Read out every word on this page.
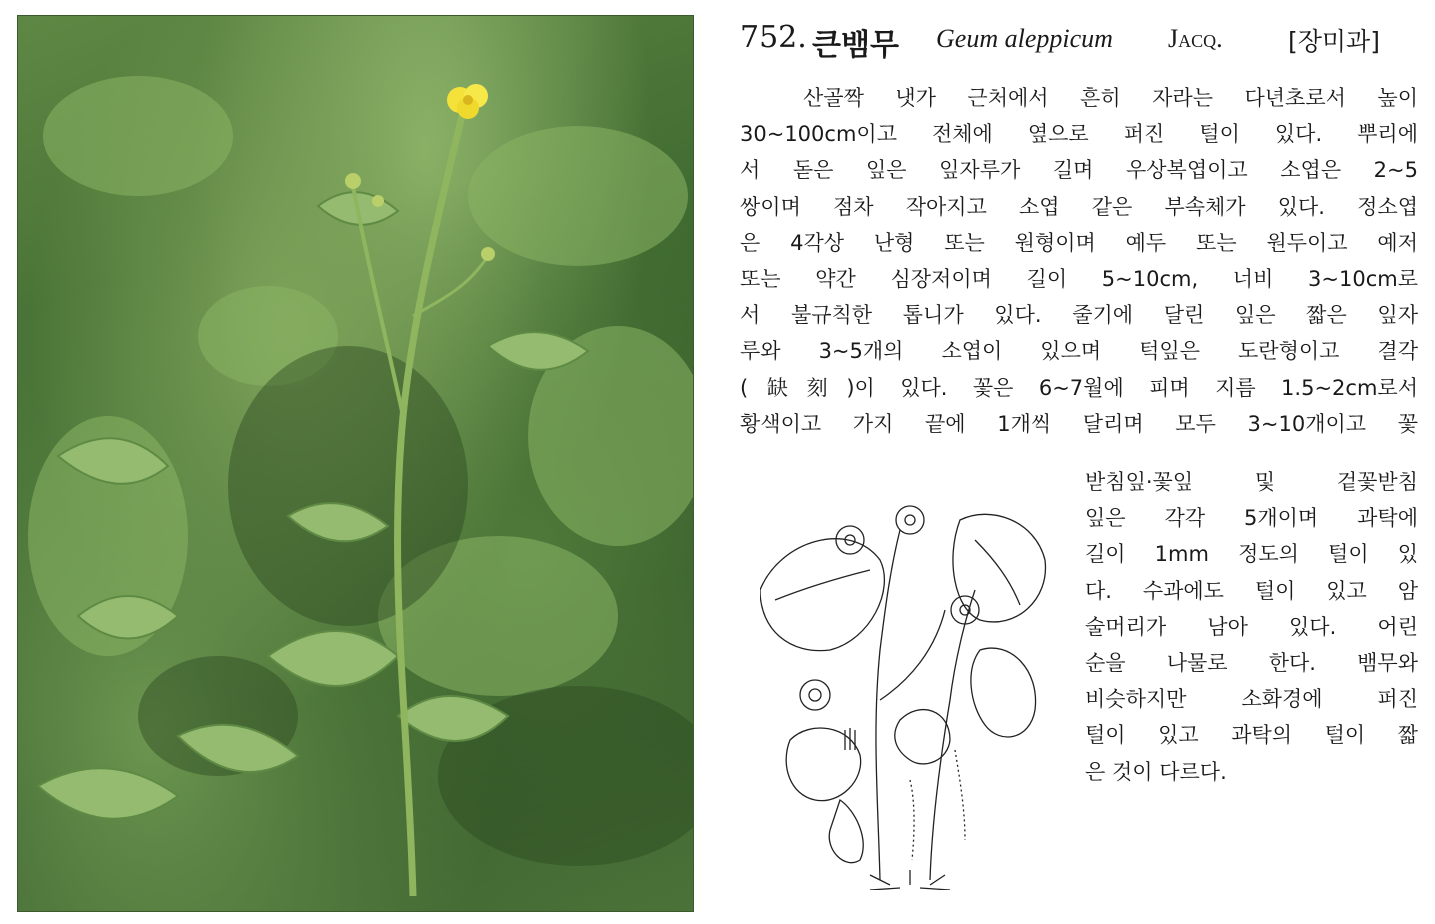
752. 큰뱀무 Geum aleppicum Jacq.	[장미과]
산골짝 냇가 근처에서 흔히 자라는 다년초로서 높이
30~100cm이고 전체에 옆으로 퍼진 털이 있다. 뿌리에
서 돋은 잎은 잎자루가 길며 우상복엽이고 소엽은 2~5
쌍이며 점차 작아지고 소엽 같은 부속체가 있다. 정소엽
은 4각상 난형 또는 원형이며 예두 또는 원두이고 예저
또는 약간 심장저이며 길이 5~10cm, 너비 3~10cm로
서 불규칙한 톱니가 있다. 줄기에 달린 잎은 짧은 잎자
루와 3~5개의 소엽이 있으며 턱잎은 도란형이고 결각
(缺刻)이 있다. 꽃은 6~7월에 피며 지름 1.5~2cm로서
황색이고 가지 끝에 1개씩 달리며 모두 3~10개이고 꽃
받침잎·꽃잎 및 겉꽃받침
잎은 각각 5개이며 과탁에
길이 1mm 정도의 털이 있
다. 수과에도 털이 있고 암
술머리가 남아 있다. 어린
순을 나물로 한다. 뱀무와
비슷하지만 소화경에 퍼진
털이 있고 과탁의 털이 짧
은 것이 다르다.
